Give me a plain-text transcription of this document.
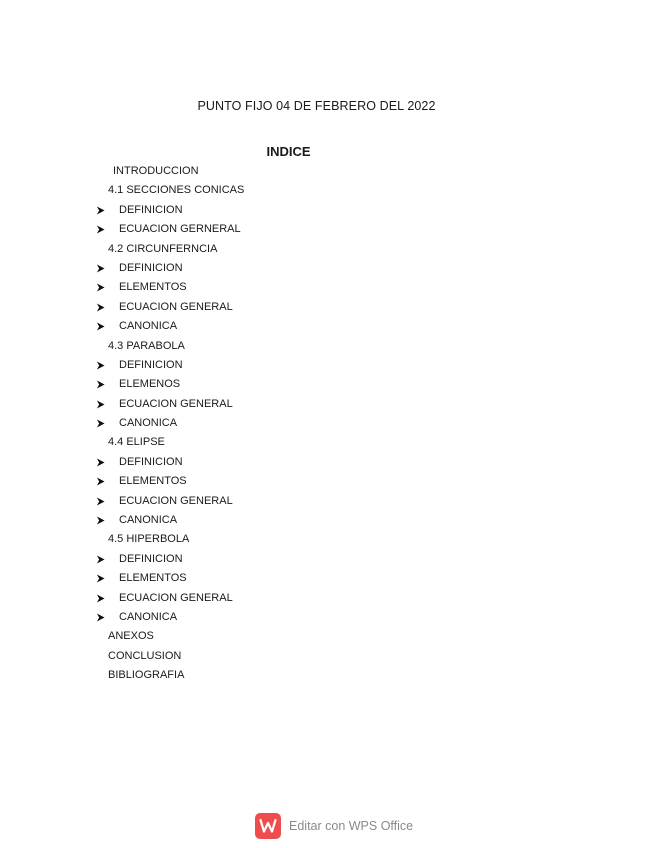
PUNTO FIJO 04 DE FEBRERO DEL 2022
INDICE
INTRODUCCION
4.1 SECCIONES CONICAS
DEFINICION
ECUACION GERNERAL
4.2 CIRCUNFERNCIA
DEFINICION
ELEMENTOS
ECUACION GENERAL
CANONICA
4.3 PARABOLA
DEFINICION
ELEMENOS
ECUACION GENERAL
CANONICA
4.4 ELIPSE
DEFINICION
ELEMENTOS
ECUACION GENERAL
CANONICA
4.5 HIPERBOLA
DEFINICION
ELEMENTOS
ECUACION GENERAL
CANONICA
ANEXOS
CONCLUSION
BIBLIOGRAFIA
Editar con WPS Office
